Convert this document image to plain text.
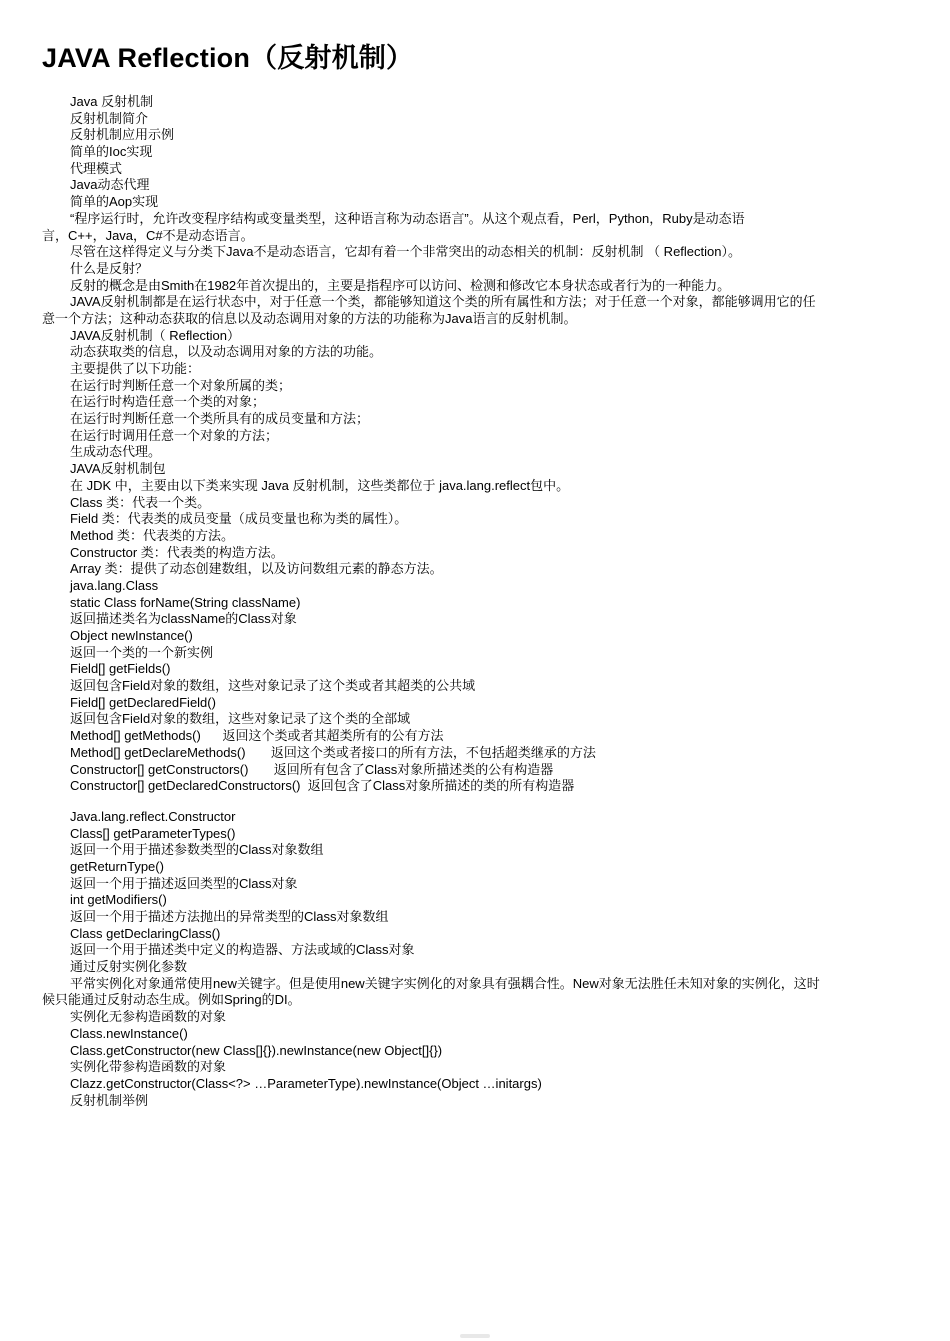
JAVA Reflection（反射机制）
Java 反射机制
反射机制简介
反射机制应用示例
简单的Ioc实现
代理模式
Java动态代理
简单的Aop实现
“程序运行时，允许改变程序结构或变量类型，这种语言称为动态语言”。从这个观点看，Perl，Python，Ruby是动态语
言，C++，Java，C#不是动态语言。
尽管在这样得定义与分类下Java不是动态语言，它却有着一个非常突出的动态相关的机制：反射机制 （ Reflection）。
什么是反射？
反射的概念是由Smith在1982年首次提出的，主要是指程序可以访问、检测和修改它本身状态或者行为的一种能力。
JAVA反射机制都是在运行状态中，对于任意一个类，都能够知道这个类的所有属性和方法；对于任意一个对象，都能够调用它的任
意一个方法；这种动态获取的信息以及动态调用对象的方法的功能称为Java语言的反射机制。
JAVA反射机制（ Reflection）
动态获取类的信息，以及动态调用对象的方法的功能。
主要提供了以下功能：
在运行时判断任意一个对象所属的类；
在运行时构造任意一个类的对象；
在运行时判断任意一个类所具有的成员变量和方法；
在运行时调用任意一个对象的方法；
生成动态代理。
JAVA反射机制包
在 JDK 中，主要由以下类来实现 Java 反射机制，这些类都位于 java.lang.reflect包中。
Class 类：代表一个类。
Field 类：代表类的成员变量（成员变量也称为类的属性）。
Method 类：代表类的方法。
Constructor 类：代表类的构造方法。
Array 类：提供了动态创建数组，以及访问数组元素的静态方法。
java.lang.Class
static Class forName(String className)
返回描述类名为className的Class对象
Object newInstance()
返回一个类的一个新实例
Field[] getFields()
返回包含Field对象的数组，这些对象记录了这个类或者其超类的公共域
Field[] getDeclaredField()
返回包含Field对象的数组，这些对象记录了这个类的全部域
Method[] getMethods()      返回这个类或者其超类所有的公有方法
Method[] getDeclareMethods()       返回这个类或者接口的所有方法，不包括超类继承的方法
Constructor[] getConstructors()       返回所有包含了Class对象所描述类的公有构造器
Constructor[] getDeclaredConstructors()  返回包含了Class对象所描述的类的所有构造器
Java.lang.reflect.Constructor
Class[] getParameterTypes()
返回一个用于描述参数类型的Class对象数组
getReturnType()
返回一个用于描述返回类型的Class对象
int getModifiers()
返回一个用于描述方法抛出的异常类型的Class对象数组
Class getDeclaringClass()
返回一个用于描述类中定义的构造器、方法或域的Class对象
通过反射实例化参数
平常实例化对象通常使用new关键字。但是使用new关键字实例化的对象具有强耦合性。New对象无法胜任未知对象的实例化，这时
候只能通过反射动态生成。例如Spring的DI。
实例化无参构造函数的对象
Class.newInstance()
Class.getConstructor(new Class[]{}).newInstance(new Object[]{})
实例化带参构造函数的对象
Clazz.getConstructor(Class<?> …ParameterType).newInstance(Object …initargs)
反射机制举例
